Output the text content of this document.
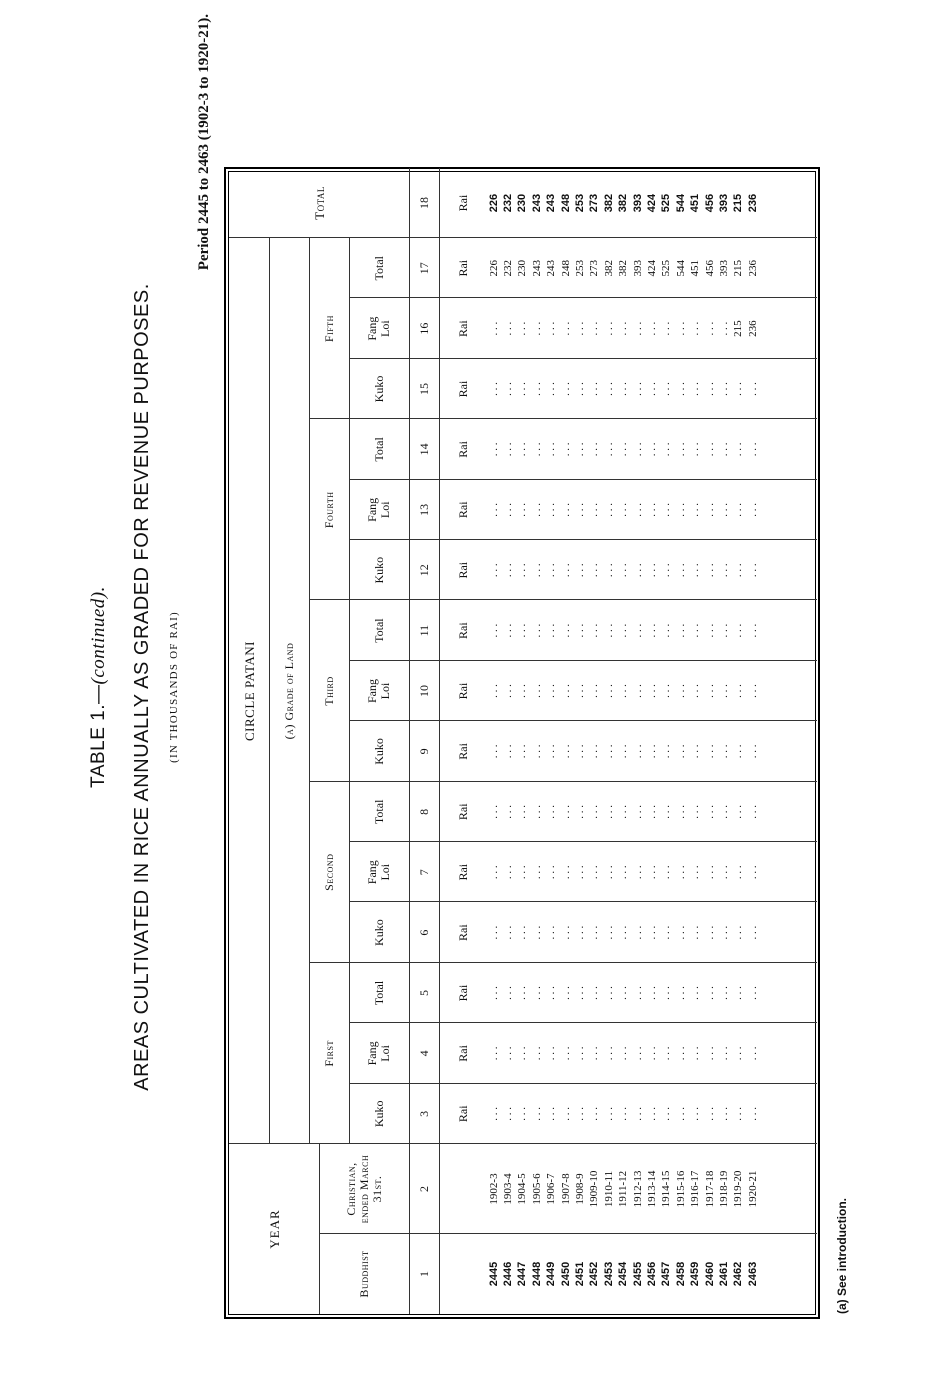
TABLE 1.—(continued). AREAS CULTIVATED IN RICE ANNUALLY AS GRADED FOR REVENUE PURPOSES. (IN THOUSANDS OF RAI)
Period 2445 to 2463 (1902-3 to 1920-21).
YEAR
Buddhist
Christian, ended March 31st.
CIRCLE PATANI	(a) Grade of Land
First
Second
Third
Fourth
Fifth
Kuko
Fang Loi
Total
Kuko
Fang Loi
Total
Kuko
Fang Loi
Total
Kuko
Fang Loi
Total
Kuko
Fang Loi
Total
Total
1
2
3
4
5
6
7
8
9
10
11
12
13
14
15
16
17
18
Rai
Rai
Rai
Rai
Rai
Rai
Rai
Rai
Rai
Rai
Rai
Rai
Rai
Rai
Rai
Rai
2445
1902-3
. . .
. . .
. . .
. . .
. . .
. . .
. . .
. . .
. . .
. . .
. . .
. . .
. . .
. . .
226
226
2446
1903-4
. . .
. . .
. . .
. . .
. . .
. . .
. . .
. . .
. . .
. . .
. . .
. . .
. . .
. . .
232
232
2447
1904-5
. . .
. . .
. . .
. . .
. . .
. . .
. . .
. . .
. . .
. . .
. . .
. . .
. . .
. . .
230
230
2448
1905-6
. . .
. . .
. . .
. . .
. . .
. . .
. . .
. . .
. . .
. . .
. . .
. . .
. . .
. . .
243
243
2449
1906-7
. . .
. . .
. . .
. . .
. . .
. . .
. . .
. . .
. . .
. . .
. . .
. . .
. . .
. . .
243
243
2450
1907-8
. . .
. . .
. . .
. . .
. . .
. . .
. . .
. . .
. . .
. . .
. . .
. . .
. . .
. . .
248
248
2451
1908-9
. . .
. . .
. . .
. . .
. . .
. . .
. . .
. . .
. . .
. . .
. . .
. . .
. . .
. . .
253
253
2452
1909-10
. . .
. . .
. . .
. . .
. . .
. . .
. . .
. . .
. . .
. . .
. . .
. . .
. . .
. . .
273
273
2453
1910-11
. . .
. . .
. . .
. . .
. . .
. . .
. . .
. . .
. . .
. . .
. . .
. . .
. . .
. . .
382
382
2454
1911-12
. . .
. . .
. . .
. . .
. . .
. . .
. . .
. . .
. . .
. . .
. . .
. . .
. . .
. . .
382
382
2455
1912-13
. . .
. . .
. . .
. . .
. . .
. . .
. . .
. . .
. . .
. . .
. . .
. . .
. . .
. . .
393
393
2456
1913-14
. . .
. . .
. . .
. . .
. . .
. . .
. . .
. . .
. . .
. . .
. . .
. . .
. . .
. . .
424
424
2457
1914-15
. . .
. . .
. . .
. . .
. . .
. . .
. . .
. . .
. . .
. . .
. . .
. . .
. . .
. . .
525
525
2458
1915-16
. . .
. . .
. . .
. . .
. . .
. . .
. . .
. . .
. . .
. . .
. . .
. . .
. . .
. . .
544
544
2459
1916-17
. . .
. . .
. . .
. . .
. . .
. . .
. . .
. . .
. . .
. . .
. . .
. . .
. . .
. . .
451
451
2460
1917-18
. . .
. . .
. . .
. . .
. . .
. . .
. . .
. . .
. . .
. . .
. . .
. . .
. . .
. . .
456
456
2461
1918-19
. . .
. . .
. . .
. . .
. . .
. . .
. . .
. . .
. . .
. . .
. . .
. . .
. . .
. . .
393
393
2462
1919-20
. . .
. . .
. . .
. . .
. . .
. . .
. . .
. . .
. . .
. . .
. . .
. . .
. . .
215
215
215
2463
1920-21
. . .
. . .
. . .
. . .
. . .
. . .
. . .
. . .
. . .
. . .
. . .
. . .
. . .
236
236
236
(a) See introduction.
